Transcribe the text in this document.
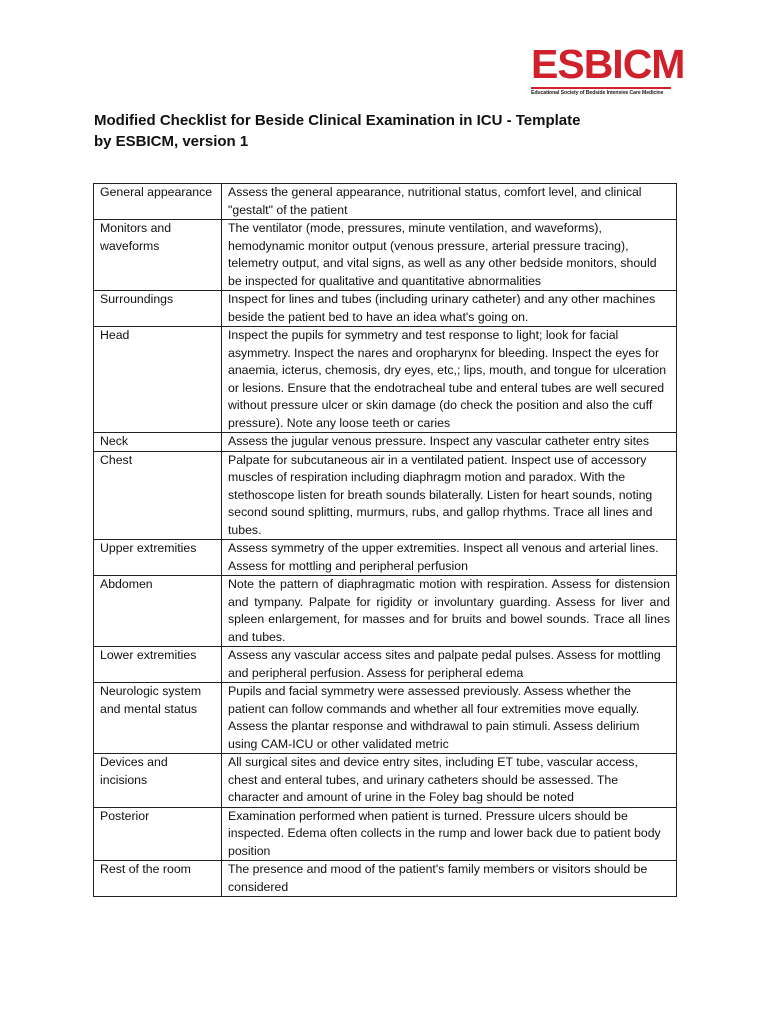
ESBICM
Educational Society of Bedside Intensive Care Medicine
Modified Checklist for Beside Clinical Examination in ICU - Template
by ESBICM, version 1
General appearance	Assess the general appearance, nutritional status, comfort level, and clinical "gestalt" of the patient
Monitors and waveforms	The ventilator (mode, pressures, minute ventilation, and waveforms), hemodynamic monitor output (venous pressure, arterial pressure tracing), telemetry output, and vital signs, as well as any other bedside monitors, should be inspected for qualitative and quantitative abnormalities
Surroundings	Inspect for lines and tubes (including urinary catheter) and any other machines beside the patient bed to have an idea what's going on.
Head	Inspect the pupils for symmetry and test response to light; look for facial asymmetry. Inspect the nares and oropharynx for bleeding. Inspect the eyes for anaemia, icterus, chemosis, dry eyes, etc,; lips, mouth, and tongue for ulceration or lesions. Ensure that the endotracheal tube and enteral tubes are well secured without pressure ulcer or skin damage (do check the position and also the cuff pressure). Note any loose teeth or caries
Neck	Assess the jugular venous pressure. Inspect any vascular catheter entry sites
Chest	Palpate for subcutaneous air in a ventilated patient. Inspect use of accessory muscles of respiration including diaphragm motion and paradox. With the stethoscope listen for breath sounds bilaterally. Listen for heart sounds, noting second sound splitting, murmurs, rubs, and gallop rhythms. Trace all lines and tubes.
Upper extremities	Assess symmetry of the upper extremities. Inspect all venous and arterial lines. Assess for mottling and peripheral perfusion
Abdomen	Note the pattern of diaphragmatic motion with respiration. Assess for distension and tympany. Palpate for rigidity or involuntary guarding. Assess for liver and spleen enlargement, for masses and for bruits and bowel sounds. Trace all lines and tubes.
Lower extremities	Assess any vascular access sites and palpate pedal pulses. Assess for mottling and peripheral perfusion. Assess for peripheral edema
Neurologic system and mental status	Pupils and facial symmetry were assessed previously. Assess whether the patient can follow commands and whether all four extremities move equally. Assess the plantar response and withdrawal to pain stimuli. Assess delirium using CAM-ICU or other validated metric
Devices and incisions	All surgical sites and device entry sites, including ET tube, vascular access, chest and enteral tubes, and urinary catheters should be assessed. The character and amount of urine in the Foley bag should be noted
Posterior	Examination performed when patient is turned. Pressure ulcers should be inspected. Edema often collects in the rump and lower back due to patient body position
Rest of the room	The presence and mood of the patient's family members or visitors should be considered
